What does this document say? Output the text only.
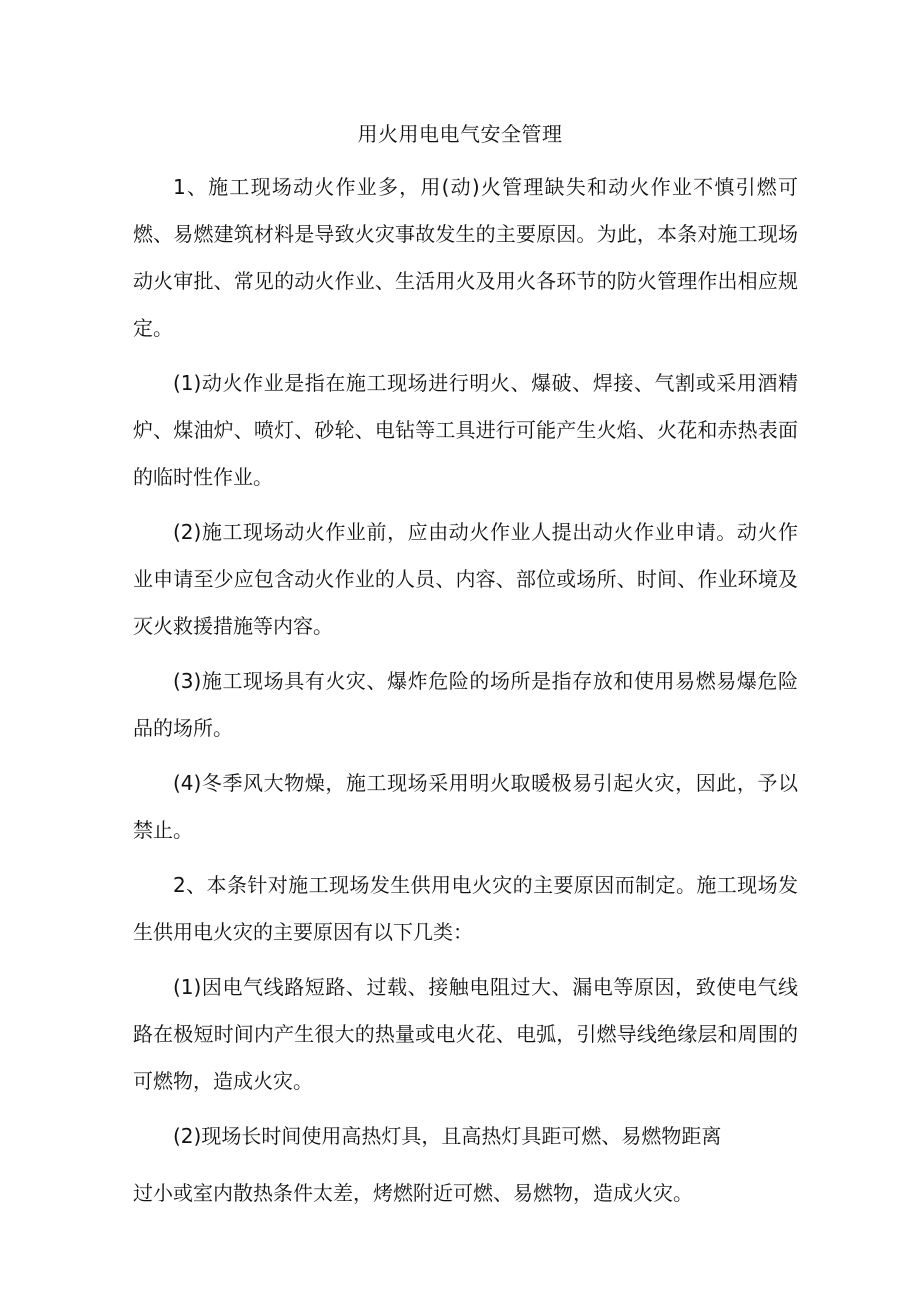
用火用电电气安全管理

1、施工现场动火作业多，用(动)火管理缺失和动火作业不慎引燃可燃、易燃建筑材料是导致火灾事故发生的主要原因。为此，本条对施工现场动火审批、常见的动火作业、生活用火及用火各环节的防火管理作出相应规定。

(1)动火作业是指在施工现场进行明火、爆破、焊接、气割或采用酒精炉、煤油炉、喷灯、砂轮、电钻等工具进行可能产生火焰、火花和赤热表面的临时性作业。

(2)施工现场动火作业前，应由动火作业人提出动火作业申请。动火作业申请至少应包含动火作业的人员、内容、部位或场所、时间、作业环境及灭火救援措施等内容。

(3)施工现场具有火灾、爆炸危险的场所是指存放和使用易燃易爆危险品的场所。

(4)冬季风大物燥，施工现场采用明火取暖极易引起火灾，因此，予以禁止。

2、本条针对施工现场发生供用电火灾的主要原因而制定。施工现场发生供用电火灾的主要原因有以下几类：

(1)因电气线路短路、过载、接触电阻过大、漏电等原因，致使电气线路在极短时间内产生很大的热量或电火花、电弧，引燃导线绝缘层和周围的可燃物，造成火灾。

(2)现场长时间使用高热灯具，且高热灯具距可燃、易燃物距离

过小或室内散热条件太差，烤燃附近可燃、易燃物，造成火灾。
